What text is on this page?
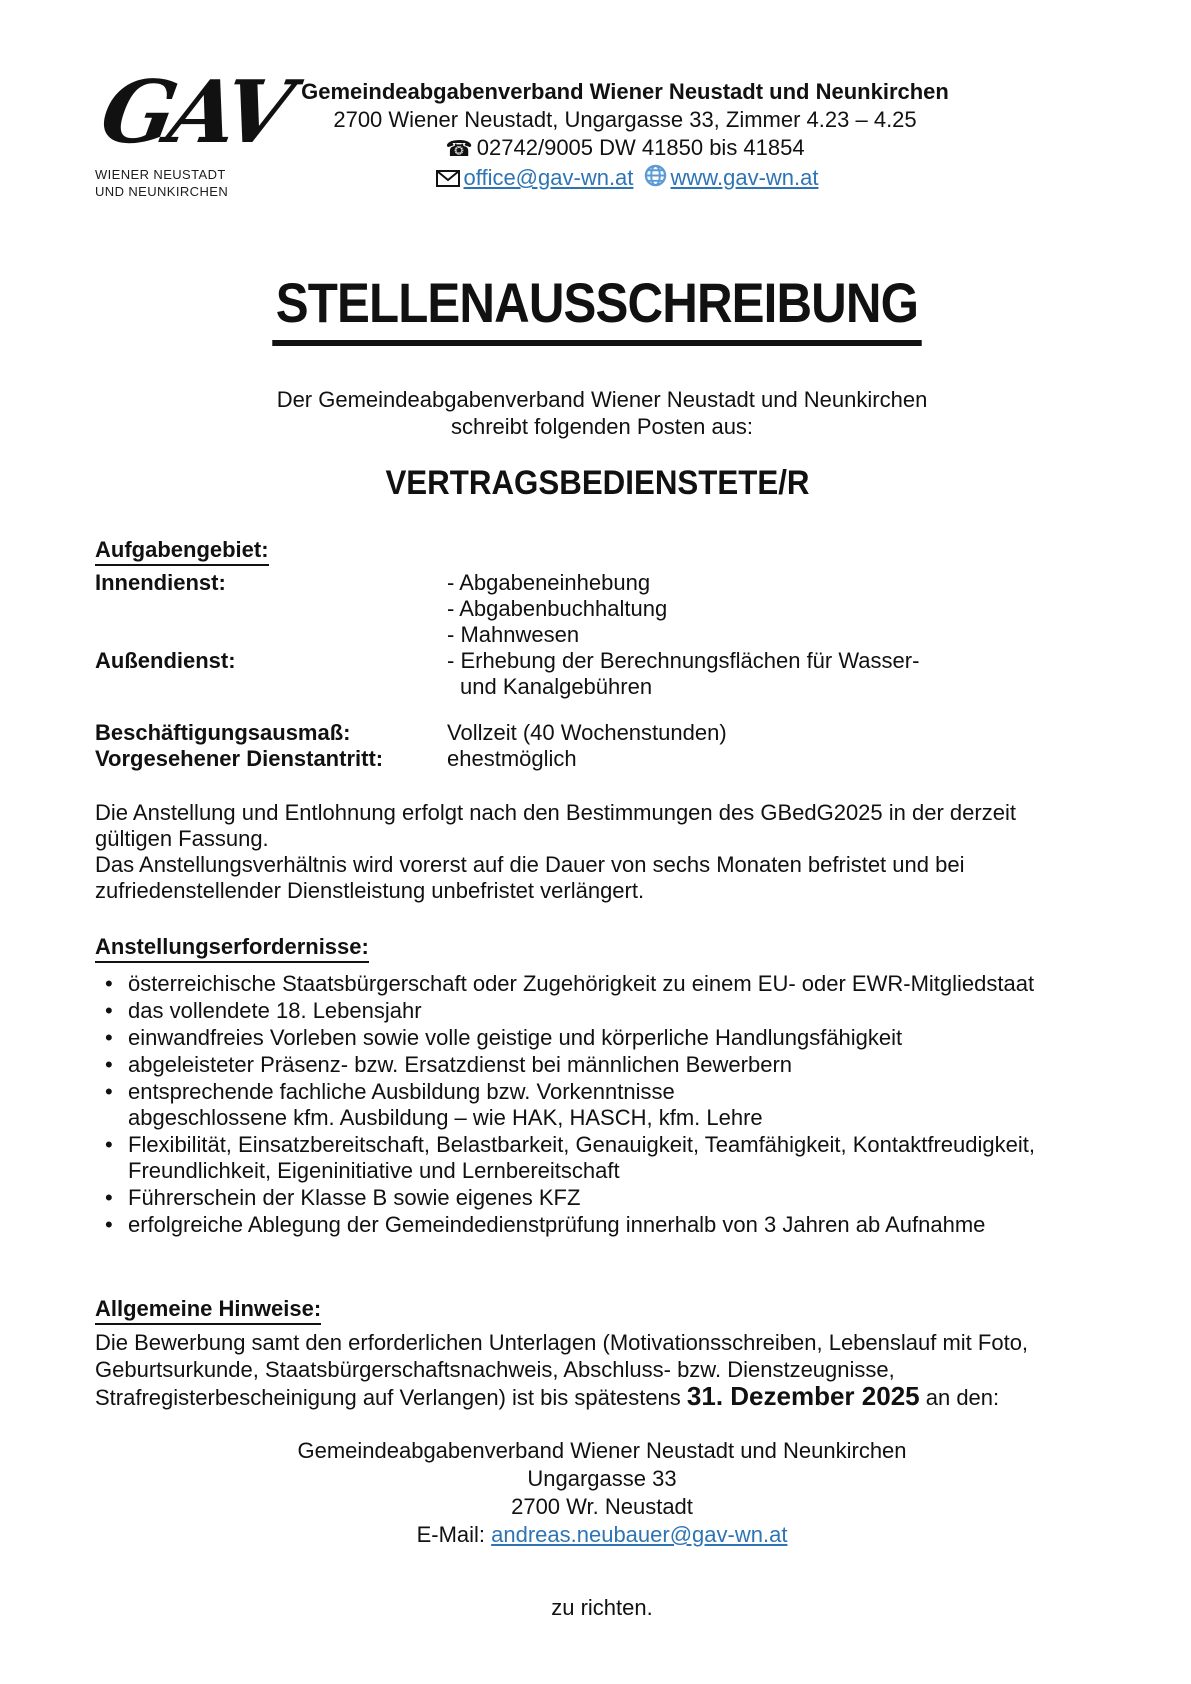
GAV
WIENER NEUSTADT
UND NEUNKIRCHEN
Gemeindeabgabenverband Wiener Neustadt und Neunkirchen
2700 Wiener Neustadt, Ungargasse 33, Zimmer 4.23 – 4.25
☎ 02742/9005 DW 41850 bis 41854
office@gav-wn.at www.gav-wn.at
STELLENAUSSCHREIBUNG
Der Gemeindeabgabenverband Wiener Neustadt und Neunkirchen
schreibt folgenden Posten aus:
VERTRAGSBEDIENSTETE/R
Aufgabengebiet:
Innendienst:	- Abgabeneinhebung
- Abgabenbuchhaltung
- Mahnwesen
Außendienst:	- Erhebung der Berechnungsflächen für Wasser-
und Kanalgebühren
Beschäftigungsausmaß:	Vollzeit (40 Wochenstunden)
Vorgesehener Dienstantritt:	ehestmöglich
Die Anstellung und Entlohnung erfolgt nach den Bestimmungen des GBedG2025 in der derzeit
gültigen Fassung.
Das Anstellungsverhältnis wird vorerst auf die Dauer von sechs Monaten befristet und bei
zufriedenstellender Dienstleistung unbefristet verlängert.
Anstellungserfordernisse:
• österreichische Staatsbürgerschaft oder Zugehörigkeit zu einem EU- oder EWR-Mitgliedstaat
• das vollendete 18. Lebensjahr
• einwandfreies Vorleben sowie volle geistige und körperliche Handlungsfähigkeit
• abgeleisteter Präsenz- bzw. Ersatzdienst bei männlichen Bewerbern
• entsprechende fachliche Ausbildung bzw. Vorkenntnisse
abgeschlossene kfm. Ausbildung – wie HAK, HASCH, kfm. Lehre
• Flexibilität, Einsatzbereitschaft, Belastbarkeit, Genauigkeit, Teamfähigkeit, Kontaktfreudigkeit,
Freundlichkeit, Eigeninitiative und Lernbereitschaft
• Führerschein der Klasse B sowie eigenes KFZ
• erfolgreiche Ablegung der Gemeindedienstprüfung innerhalb von 3 Jahren ab Aufnahme
Allgemeine Hinweise:
Die Bewerbung samt den erforderlichen Unterlagen (Motivationsschreiben, Lebenslauf mit Foto,
Geburtsurkunde, Staatsbürgerschaftsnachweis, Abschluss- bzw. Dienstzeugnisse,
Strafregisterbescheinigung auf Verlangen) ist bis spätestens 31. Dezember 2025 an den:
Gemeindeabgabenverband Wiener Neustadt und Neunkirchen
Ungargasse 33
2700 Wr. Neustadt
E-Mail: andreas.neubauer@gav-wn.at
zu richten.
